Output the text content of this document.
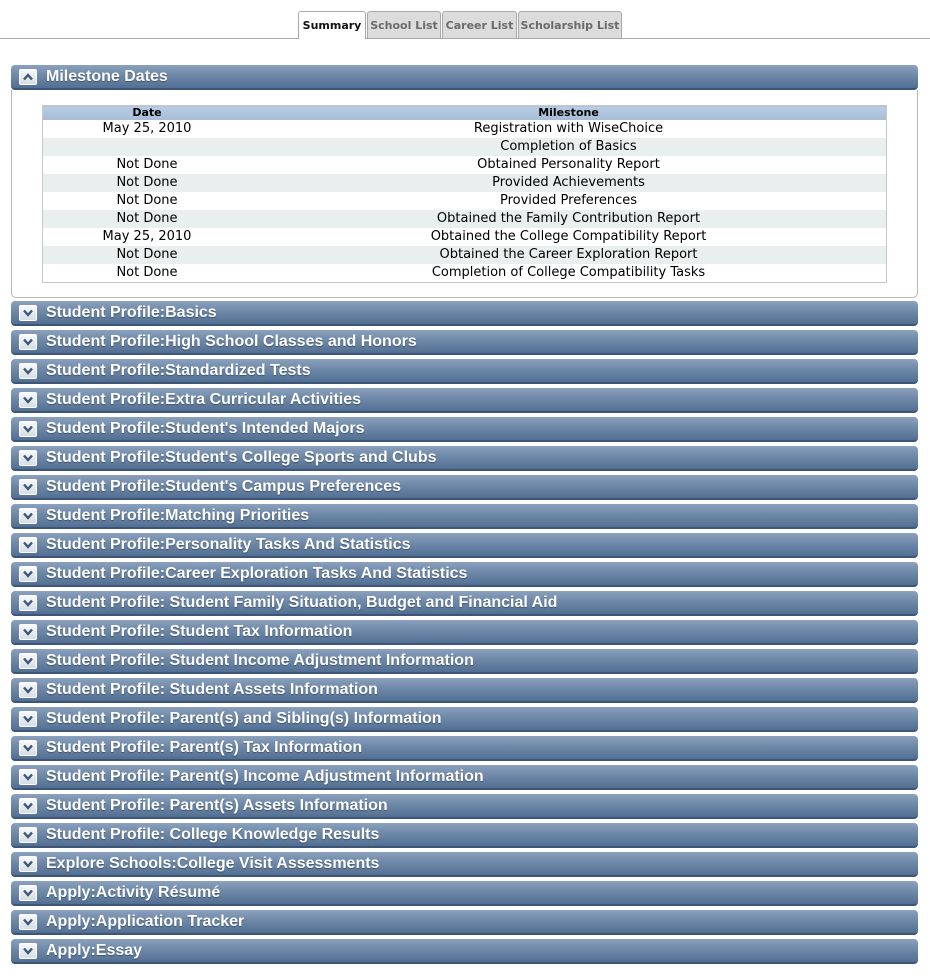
Summary School List Career List Scholarship List
Milestone Dates
Date	Milestone
May 25, 2010	Registration with WiseChoice
	Completion of Basics
Not Done	Obtained Personality Report
Not Done	Provided Achievements
Not Done	Provided Preferences
Not Done	Obtained the Family Contribution Report
May 25, 2010	Obtained the College Compatibility Report
Not Done	Obtained the Career Exploration Report
Not Done	Completion of College Compatibility Tasks
Student Profile:Basics
Student Profile:High School Classes and Honors
Student Profile:Standardized Tests
Student Profile:Extra Curricular Activities
Student Profile:Student's Intended Majors
Student Profile:Student's College Sports and Clubs
Student Profile:Student's Campus Preferences
Student Profile:Matching Priorities
Student Profile:Personality Tasks And Statistics
Student Profile:Career Exploration Tasks And Statistics
Student Profile: Student Family Situation, Budget and Financial Aid
Student Profile: Student Tax Information
Student Profile: Student Income Adjustment Information
Student Profile: Student Assets Information
Student Profile: Parent(s) and Sibling(s) Information
Student Profile: Parent(s) Tax Information
Student Profile: Parent(s) Income Adjustment Information
Student Profile: Parent(s) Assets Information
Student Profile: College Knowledge Results
Explore Schools:College Visit Assessments
Apply:Activity Résumé
Apply:Application Tracker
Apply:Essay
